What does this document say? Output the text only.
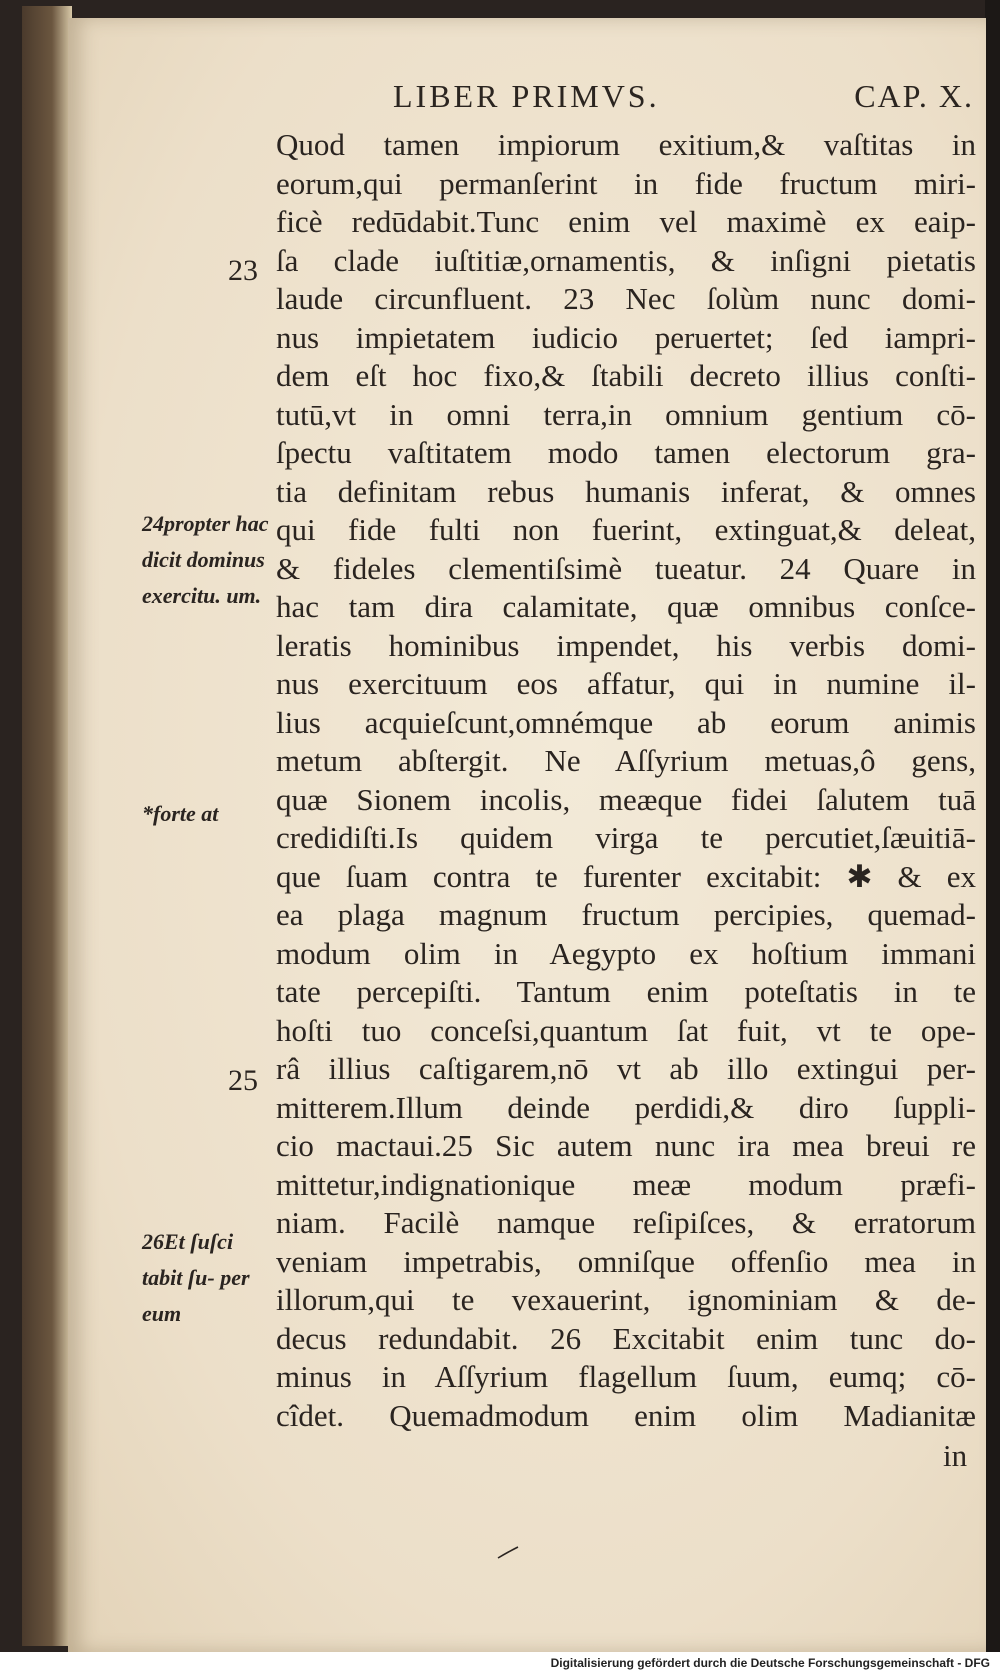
LIBER PRIMVS.	CAP. X.
23
25
24propter hac dicit dominus exercitu. um.
*forte at
26Et ſuſci tabit ſu- per eum
Quod tamen impiorum exitium,& vaſtitas in
eorum,qui permanſerint in fide fructum miri-
ficè redūdabit.Tunc enim vel maximè ex eaip-
ſa clade iuſtitiæ,ornamentis, & inſigni pietatis
laude circunfluent. 23 Nec ſolùm nunc domi-
nus impietatem iudicio peruertet; ſed iampri-
dem eſt hoc fixo,& ſtabili decreto illius conſti-
tutū,vt in omni terra,in omnium gentium cō-
ſpectu vaſtitatem modo tamen electorum gra-
tia definitam rebus humanis inferat, & omnes
qui fide fulti non fuerint, extinguat,& deleat,
& fideles clementiſsimè tueatur. 24 Quare in
hac tam dira calamitate, quæ omnibus conſce-
leratis hominibus impendet, his verbis domi-
nus exercituum eos affatur, qui in numine il-
lius acquieſcunt,omnémque ab eorum animis
metum abſtergit. Ne Aſſyrium metuas,ô gens,
quæ Sionem incolis, meæque fidei ſalutem tuā
credidiſti.Is quidem virga te percutiet,ſæuitiā-
que ſuam contra te furenter excitabit: ✱ & ex
ea plaga magnum fructum percipies, quemad-
modum olim in Aegypto ex hoſtium immani
tate percepiſti. Tantum enim poteſtatis in te
hoſti tuo conceſsi,quantum ſat fuit, vt te ope-
râ illius caſtigarem,nō vt ab illo extingui per-
mitterem.Illum deinde perdidi,& diro ſuppli-
cio mactaui.25 Sic autem nunc ira mea breui re
mittetur,indignationique meæ modum præfi-
niam. Facilè namque reſipiſces, & erratorum
veniam impetrabis, omniſque offenſio mea in
illorum,qui te vexauerint, ignominiam & de-
decus redundabit. 26 Excitabit enim tunc do-
minus in Aſſyrium flagellum ſuum, eumq; cō-
cîdet. Quemadmodum enim olim Madianitæ
in
Digitalisierung gefördert durch die Deutsche Forschungsgemeinschaft - DFG
